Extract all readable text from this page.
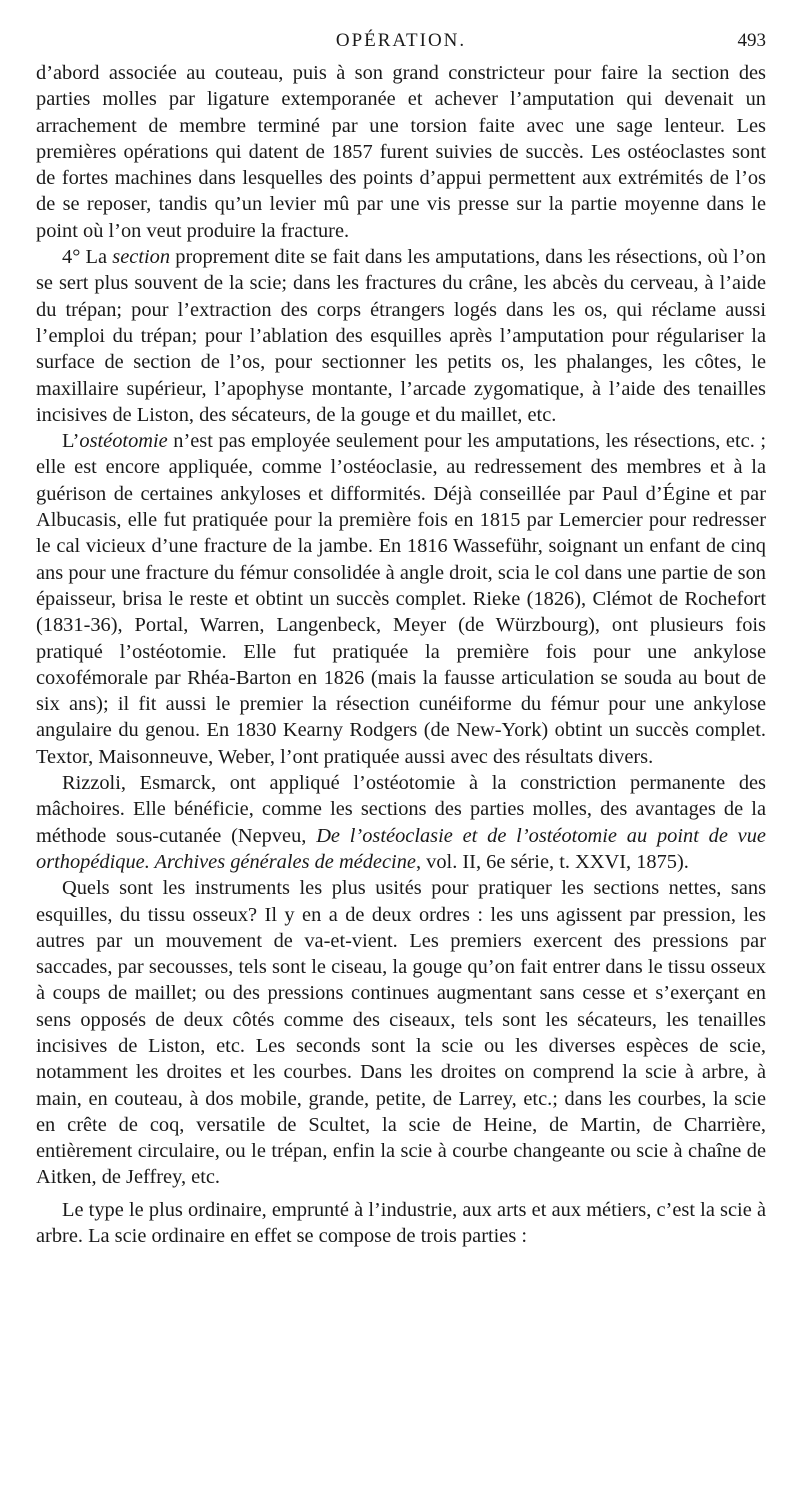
OPÉRATION.	493

d’abord associée au couteau, puis à son grand constricteur pour faire la section des parties molles par ligature extemporanée et achever l’amputation qui devenait un arrachement de membre terminé par une torsion faite avec une sage lenteur. Les premières opérations qui datent de 1857 furent suivies de succès. Les ostéoclastes sont de fortes machines dans lesquelles des points d’appui permettent aux extrémités de l’os de se reposer, tandis qu’un levier mû par une vis presse sur la partie moyenne dans le point où l’on veut produire la fracture.

4° La section proprement dite se fait dans les amputations, dans les résections, où l’on se sert plus souvent de la scie; dans les fractures du crâne, les abcès du cerveau, à l’aide du trépan; pour l’extraction des corps étrangers logés dans les os, qui réclame aussi l’emploi du trépan; pour l’ablation des esquilles après l’amputation pour régulariser la surface de section de l’os, pour sectionner les petits os, les phalanges, les côtes, le maxillaire supérieur, l’apophyse montante, l’arcade zygomatique, à l’aide des tenailles incisives de Liston, des sécateurs, de la gouge et du maillet, etc.

L’ostéotomie n’est pas employée seulement pour les amputations, les résections, etc. ; elle est encore appliquée, comme l’ostéoclasie, au redressement des membres et à la guérison de certaines ankyloses et difformités. Déjà conseillée par Paul d’Égine et par Albucasis, elle fut pratiquée pour la première fois en 1815 par Lemercier pour redresser le cal vicieux d’une fracture de la jambe. En 1816 Wasseführ, soignant un enfant de cinq ans pour une fracture du fémur consolidée à angle droit, scia le col dans une partie de son épaisseur, brisa le reste et obtint un succès complet. Rieke (1826), Clémot de Rochefort (1831-36), Portal, Warren, Langenbeck, Meyer (de Würzbourg), ont plusieurs fois pratiqué l’ostéotomie. Elle fut pratiquée la première fois pour une ankylose coxofémorale par Rhéa-Barton en 1826 (mais la fausse articulation se souda au bout de six ans); il fit aussi le premier la résection cunéiforme du fémur pour une ankylose angulaire du genou. En 1830 Kearny Rodgers (de New-York) obtint un succès complet. Textor, Maisonneuve, Weber, l’ont pratiquée aussi avec des résultats divers.

Rizzoli, Esmarck, ont appliqué l’ostéotomie à la constriction permanente des mâchoires. Elle bénéficie, comme les sections des parties molles, des avantages de la méthode sous-cutanée (Nepveu, De l’ostéoclasie et de l’ostéotomie au point de vue orthopédique. Archives générales de médecine, vol. II, 6e série, t. XXVI, 1875).

Quels sont les instruments les plus usités pour pratiquer les sections nettes, sans esquilles, du tissu osseux? Il y en a de deux ordres : les uns agissent par pression, les autres par un mouvement de va-et-vient. Les premiers exercent des pressions par saccades, par secousses, tels sont le ciseau, la gouge qu’on fait entrer dans le tissu osseux à coups de maillet; ou des pressions continues augmentant sans cesse et s’exerçant en sens opposés de deux côtés comme des ciseaux, tels sont les sécateurs, les tenailles incisives de Liston, etc. Les seconds sont la scie ou les diverses espèces de scie, notamment les droites et les courbes. Dans les droites on comprend la scie à arbre, à main, en couteau, à dos mobile, grande, petite, de Larrey, etc.; dans les courbes, la scie en crête de coq, versatile de Scultet, la scie de Heine, de Martin, de Charrière, entièrement circulaire, ou le trépan, enfin la scie à courbe changeante ou scie à chaîne de Aitken, de Jeffrey, etc.

Le type le plus ordinaire, emprunté à l’industrie, aux arts et aux métiers, c’est la scie à arbre. La scie ordinaire en effet se compose de trois parties :
